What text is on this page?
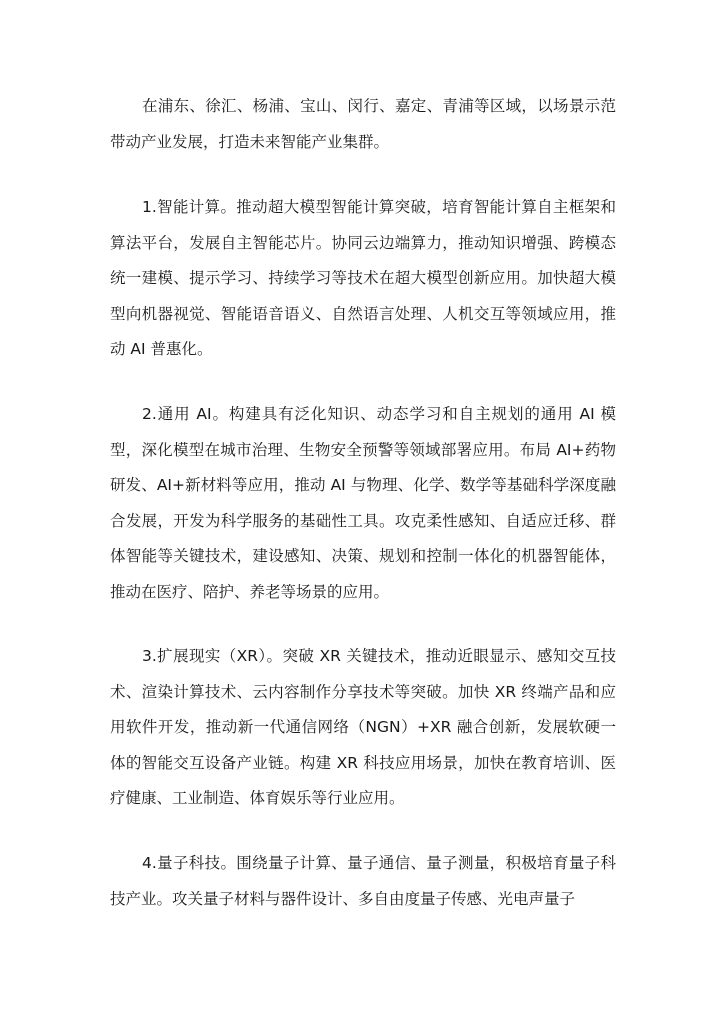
在浦东、徐汇、杨浦、宝山、闵行、嘉定、青浦等区域，以场景示范带动产业发展，打造未来智能产业集群。

1.智能计算。推动超大模型智能计算突破，培育智能计算自主框架和算法平台，发展自主智能芯片。协同云边端算力，推动知识增强、跨模态统一建模、提示学习、持续学习等技术在超大模型创新应用。加快超大模型向机器视觉、智能语音语义、自然语言处理、人机交互等领域应用，推动 AI 普惠化。

2.通用 AI。构建具有泛化知识、动态学习和自主规划的通用 AI 模型，深化模型在城市治理、生物安全预警等领域部署应用。布局 AI+药物研发、AI+新材料等应用，推动 AI 与物理、化学、数学等基础科学深度融合发展，开发为科学服务的基础性工具。攻克柔性感知、自适应迁移、群体智能等关键技术，建设感知、决策、规划和控制一体化的机器智能体，推动在医疗、陪护、养老等场景的应用。

3.扩展现实（XR）。突破 XR 关键技术，推动近眼显示、感知交互技术、渲染计算技术、云内容制作分享技术等突破。加快 XR 终端产品和应用软件开发，推动新一代通信网络（NGN）+XR 融合创新，发展软硬一体的智能交互设备产业链。构建 XR 科技应用场景，加快在教育培训、医疗健康、工业制造、体育娱乐等行业应用。

4.量子科技。围绕量子计算、量子通信、量子测量，积极培育量子科技产业。攻关量子材料与器件设计、多自由度量子传感、光电声量子
